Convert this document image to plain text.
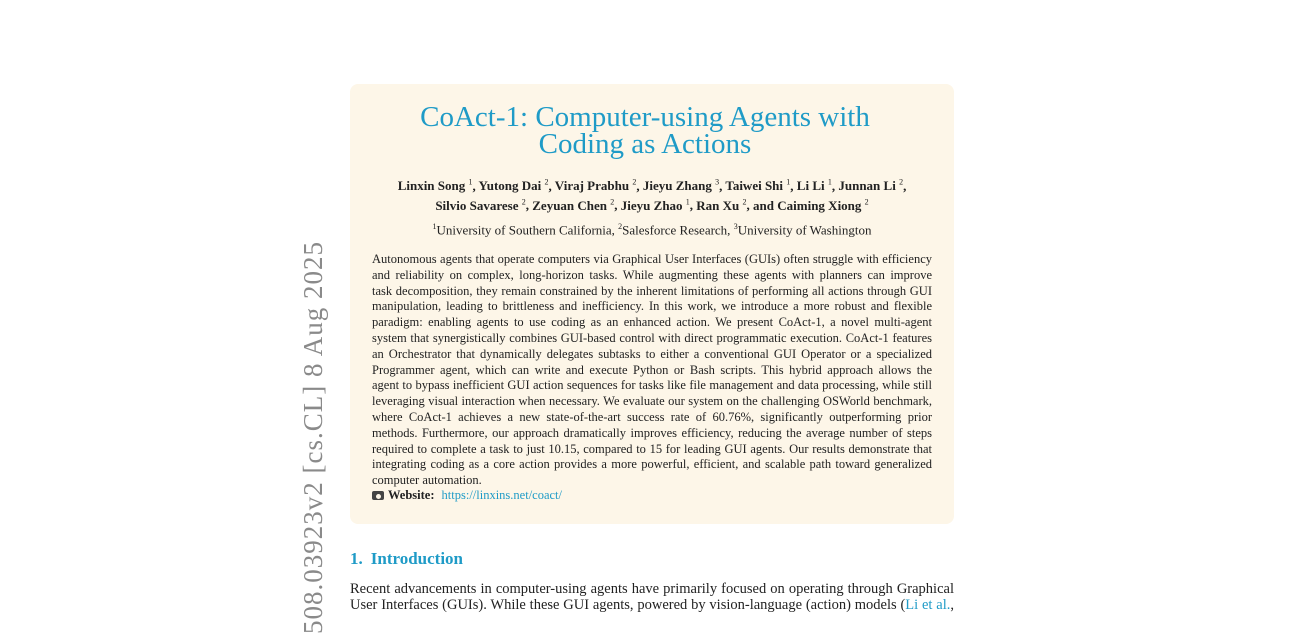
508.03923v2 [cs.CL] 8 Aug 2025
CoAct-1: Computer-using Agents with
Coding as Actions
Linxin Song $^1$, Yutong Dai $^2$, Viraj Prabhu $^2$, Jieyu Zhang $^3$, Taiwei Shi $^1$, Li Li $^1$, Junnan Li $^2$,
Silvio Savarese $^2$, Zeyuan Chen $^2$, Jieyu Zhao $^1$, Ran Xu $^2$, and Caiming Xiong $^2$
$^1$University of Southern California, $^2$Salesforce Research, $^3$University of Washington
Autonomous agents that operate computers via Graphical User Interfaces (GUIs) often struggle with efficiency
and reliability on complex, long-horizon tasks. While augmenting these agents with planners can improve
task decomposition, they remain constrained by the inherent limitations of performing all actions through GUI
manipulation, leading to brittleness and inefficiency. In this work, we introduce a more robust and flexible
paradigm: enabling agents to use coding as an enhanced action. We present CoAct-1, a novel multi-agent
system that synergistically combines GUI-based control with direct programmatic execution. CoAct-1 features
an Orchestrator that dynamically delegates subtasks to either a conventional GUI Operator or a specialized
Programmer agent, which can write and execute Python or Bash scripts. This hybrid approach allows the
agent to bypass inefficient GUI action sequences for tasks like file management and data processing, while still
leveraging visual interaction when necessary. We evaluate our system on the challenging OSWorld benchmark,
where CoAct-1 achieves a new state-of-the-art success rate of 60.76%, significantly outperforming prior
methods. Furthermore, our approach dramatically improves efficiency, reducing the average number of steps
required to complete a task to just 10.15, compared to 15 for leading GUI agents. Our results demonstrate that
integrating coding as a core action provides a more powerful, efficient, and scalable path toward generalized
computer automation.
Website: https://linxins.net/coact/
1. Introduction
Recent advancements in computer-using agents have primarily focused on operating through Graphical
User Interfaces (GUIs). While these GUI agents, powered by vision-language (action) models (Li et al.,
